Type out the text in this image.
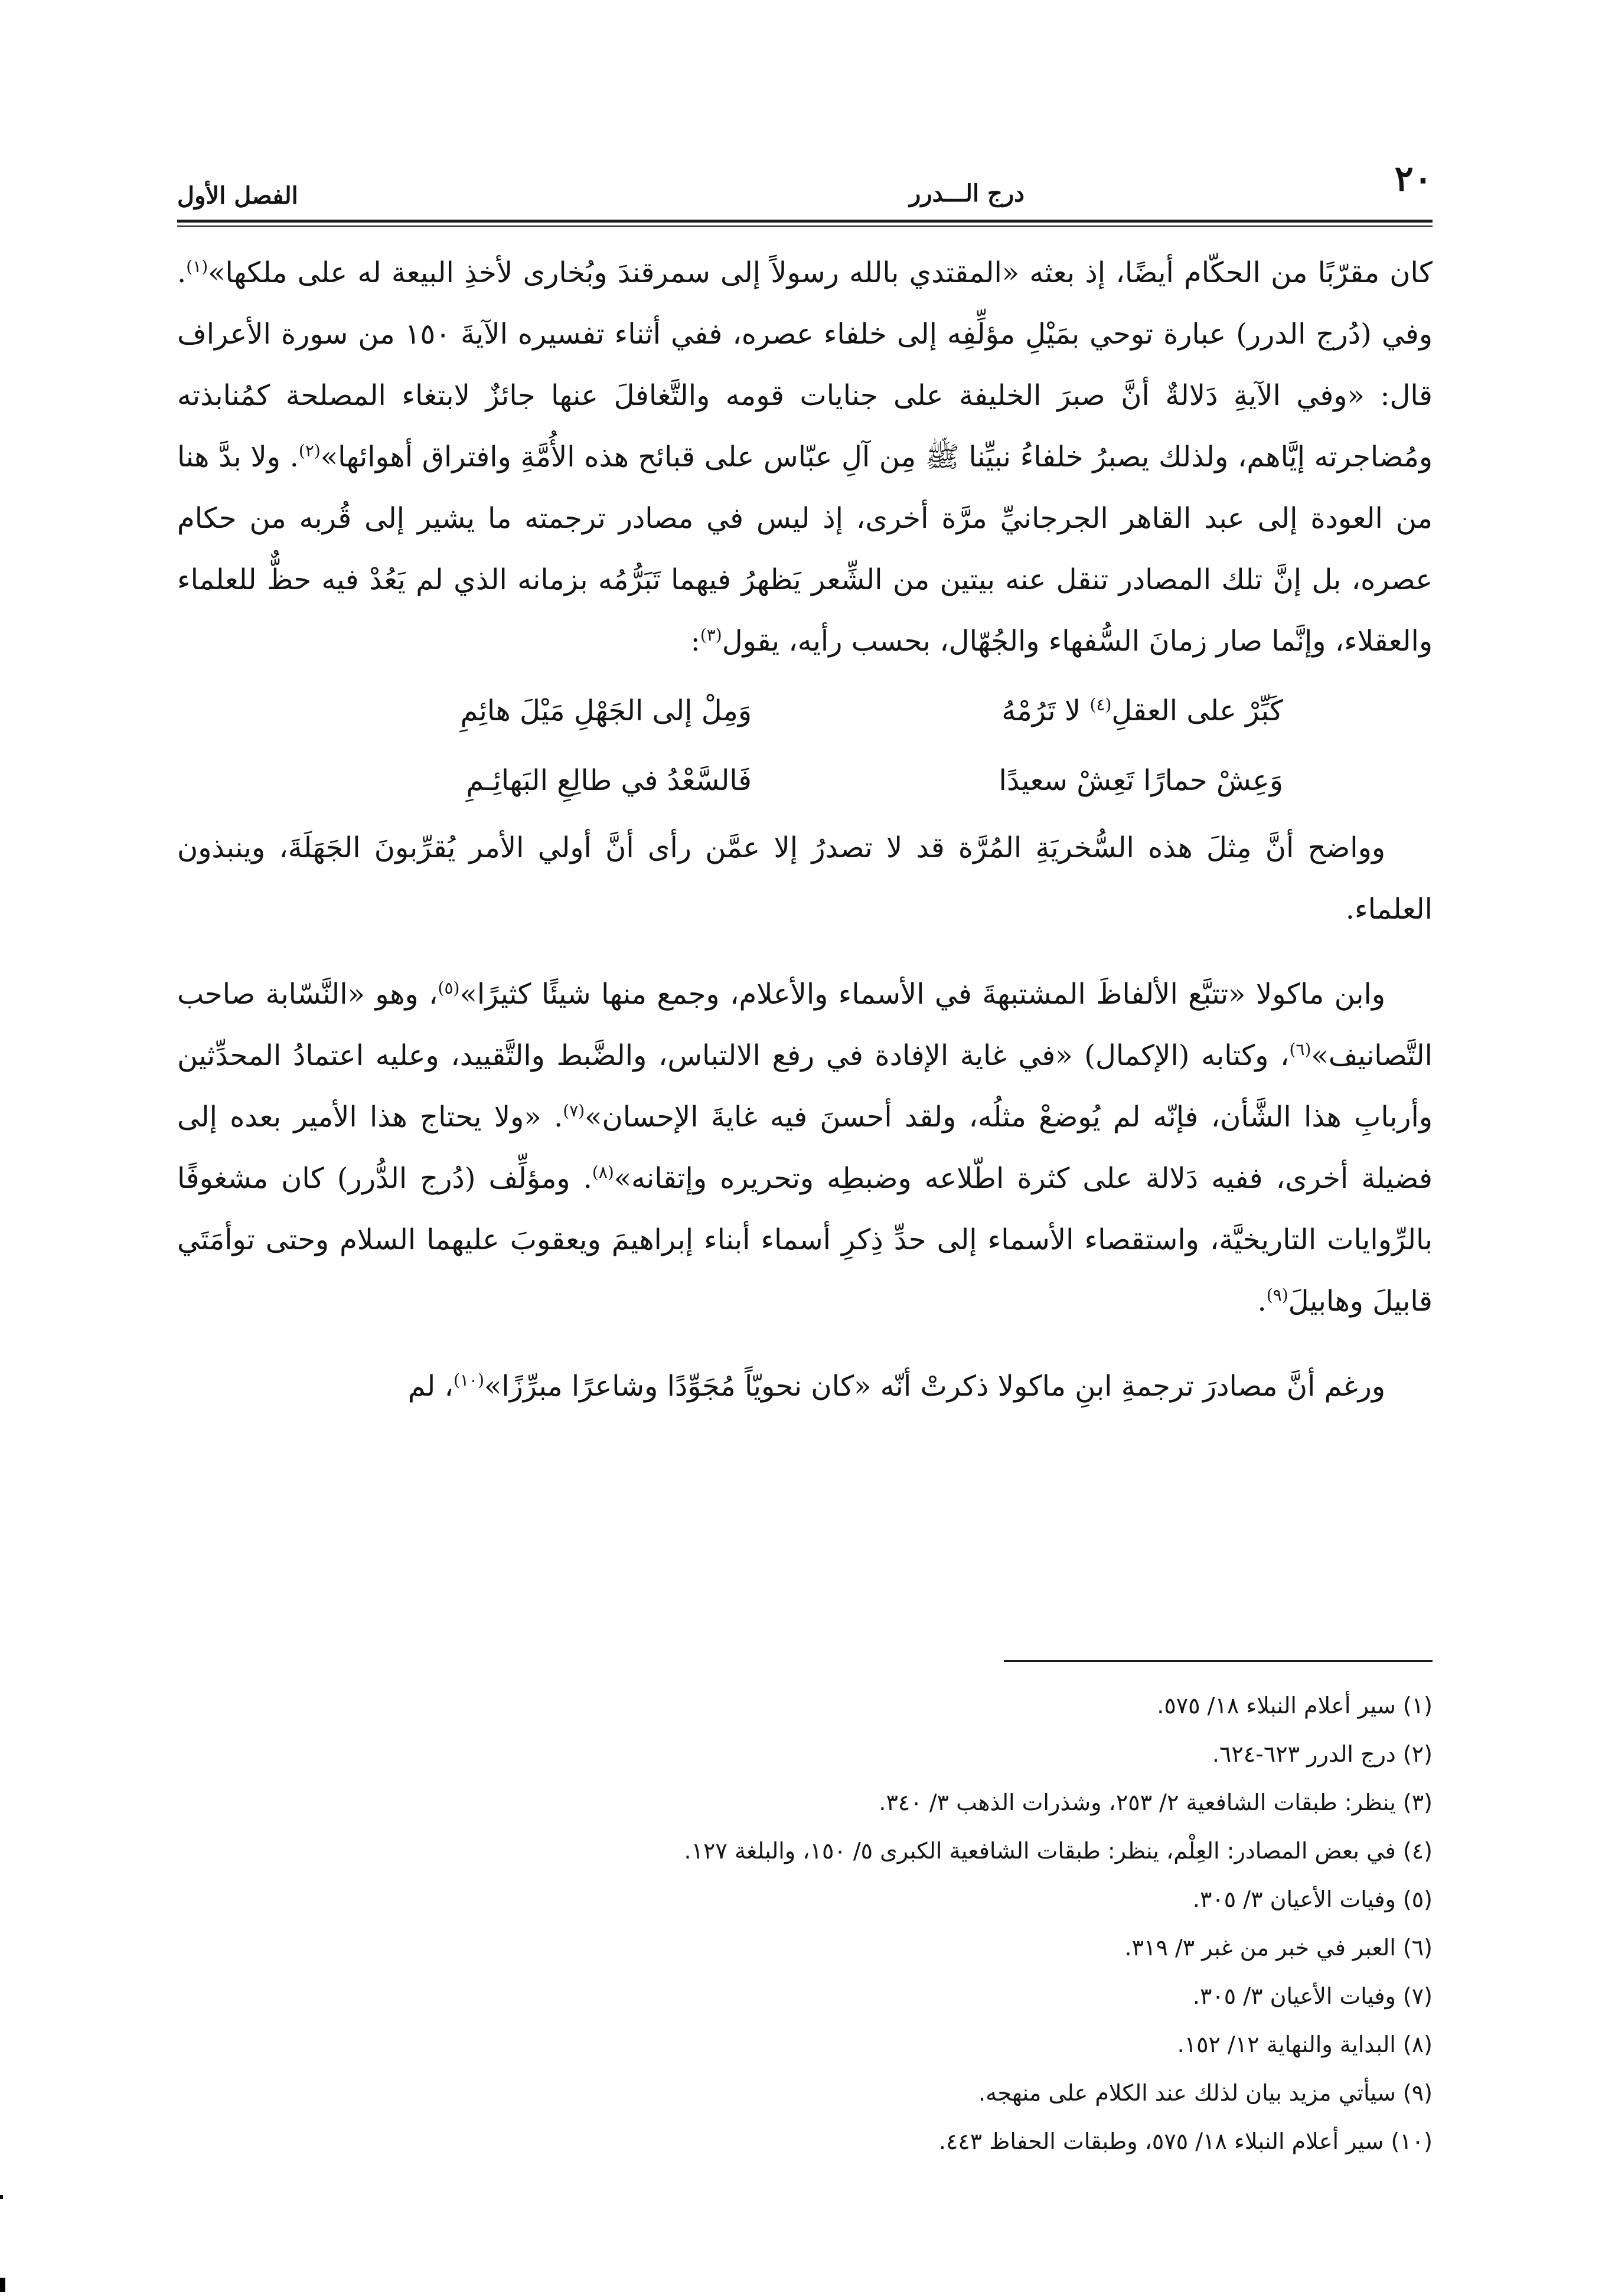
الفصل الأول	درج الـــدرر	٢٠

كان مقرّبًا من الحكّام أيضًا، إذ بعثه «المقتدي بالله رسولاً إلى سمرقندَ وبُخارى لأخذِ البيعة له على ملكها»$^{(١)}$. وفي (دُرج الدرر) عبارة توحي بمَيْلِ مؤلِّفِه إلى خلفاء عصره، ففي أثناء تفسيره الآيةَ ١٥٠ من سورة الأعراف قال: «وفي الآيةِ دَلالةٌ أنَّ صبرَ الخليفة على جنايات قومه والتَّغافلَ عنها جائزٌ لابتغاء المصلحة كمُنابذته ومُضاجرته إيَّاهم، ولذلك يصبرُ خلفاءُ نبيِّنا ﷺ مِن آلِ عبّاس على قبائح هذه الأُمَّةِ وافتراق أهوائها»$^{(٢)}$. ولا بدَّ هنا من العودة إلى عبد القاهر الجرجانيِّ مرَّة أخرى، إذ ليس في مصادر ترجمته ما يشير إلى قُربه من حكام عصره، بل إنَّ تلك المصادر تنقل عنه بيتين من الشِّعر يَظهرُ فيهما تَبَرُّمُه بزمانه الذي لم يَعُدْ فيه حظٌّ للعلماء والعقلاء، وإنَّما صار زمانَ السُّفهاء والجُهّال، بحسب رأيه، يقول$^{(٣)}$:

كَبِّرْ على العقلِ$^{(٤)}$ لا تَرُمْهُ
وَمِلْ إلى الجَهْلِ مَيْلَ هائِمِ
وَعِشْ حمارًا تَعِشْ سعيدًا
فَالسَّعْدُ في طالِعِ البَهائِـمِ

وواضح أنَّ مِثلَ هذه السُّخريَةِ المُرَّة قد لا تصدرُ إلا عمَّن رأى أنَّ أولي الأمر يُقرِّبونَ الجَهَلَةَ، وينبذون العلماء.

وابن ماكولا «تتبَّع الألفاظَ المشتبهةَ في الأسماء والأعلام، وجمع منها شيئًا كثيرًا»$^{(٥)}$، وهو «النَّسّابة صاحب التَّصانيف»$^{(٦)}$، وكتابه (الإكمال) «في غاية الإفادة في رفع الالتباس، والضَّبط والتَّقييد، وعليه اعتمادُ المحدِّثين وأربابِ هذا الشَّأن، فإنّه لم يُوضعْ مثلُه، ولقد أحسنَ فيه غايةَ الإحسان»$^{(٧)}$. «ولا يحتاج هذا الأمير بعده إلى فضيلة أخرى، ففيه دَلالة على كثرة اطّلاعه وضبطِه وتحريره وإتقانه»$^{(٨)}$. ومؤلِّف (دُرج الدُّرر) كان مشغوفًا بالرِّوايات التاريخيَّة، واستقصاء الأسماء إلى حدِّ ذِكرِ أسماء أبناء إبراهيمَ ويعقوبَ عليهما السلام وحتى توأمَتَي قابيلَ وهابيلَ$^{(٩)}$.

ورغم أنَّ مصادرَ ترجمةِ ابنِ ماكولا ذكرتْ أنّه «كان نحويّاً مُجَوِّدًا وشاعرًا مبرِّزًا»$^{(١٠)}$، لم

(١) سير أعلام النبلاء ١٨/ ٥٧٥.
(٢) درج الدرر ٦٢٣-٦٢٤.
(٣) ينظر: طبقات الشافعية ٢/ ٢٥٣، وشذرات الذهب ٣/ ٣٤٠.
(٤) في بعض المصادر: العِلْم، ينظر: طبقات الشافعية الكبرى ٥/ ١٥٠، والبلغة ١٢٧.
(٥) وفيات الأعيان ٣/ ٣٠٥.
(٦) العبر في خبر من غبر ٣/ ٣١٩.
(٧) وفيات الأعيان ٣/ ٣٠٥.
(٨) البداية والنهاية ١٢/ ١٥٢.
(٩) سيأتي مزيد بيان لذلك عند الكلام على منهجه.
(١٠) سير أعلام النبلاء ١٨/ ٥٧٥، وطبقات الحفاظ ٤٤٣.
